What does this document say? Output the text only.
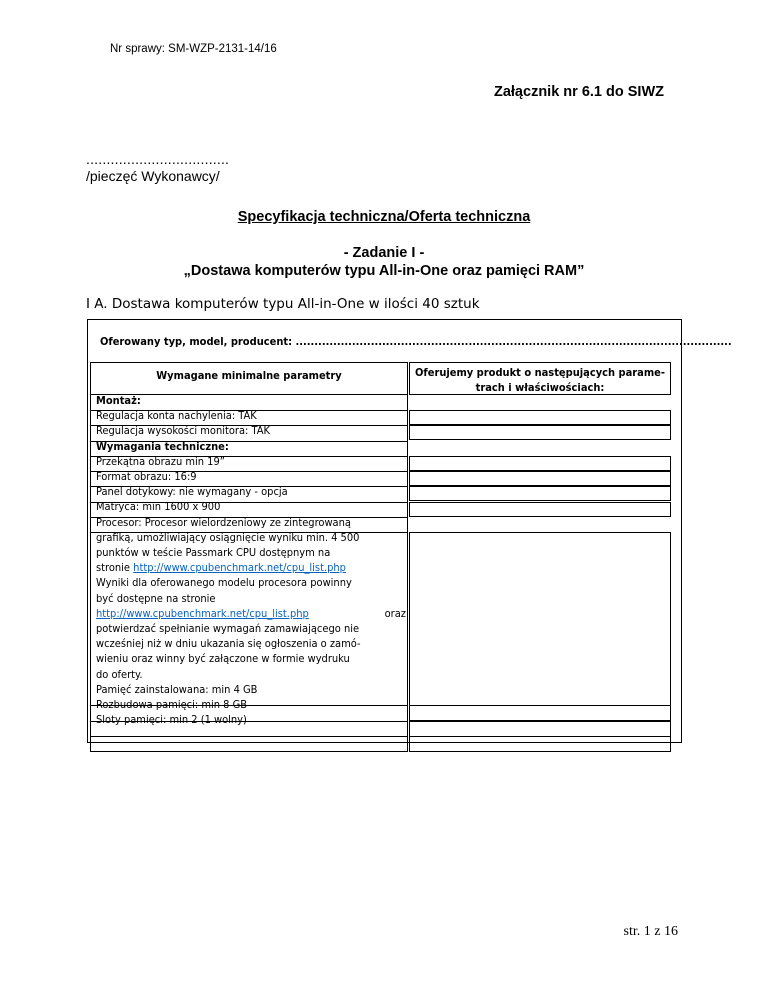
Nr sprawy: SM-WZP-2131-14/16
Załącznik nr 6.1 do SIWZ
...................................
/pieczęć Wykonawcy/
Specyfikacja techniczna/Oferta techniczna
- Zadanie I -
„Dostawa komputerów typu All-in-One oraz pamięci RAM”
I A. Dostawa komputerów typu All-in-One w ilości 40 sztuk
Oferowany typ, model, producent: ....................................................................................................................
Wymagane minimalne parametry	Oferujemy produkt o następujących parame-
trach i właściwościach:
Montaż:
Regulacja konta nachylenia: TAK
Regulacja wysokości monitora: TAK
Wymagania techniczne:
Przekątna obrazu min 19”
Format obrazu: 16:9
Panel dotykowy: nie wymagany - opcja
Matryca: min 1600 x 900
Procesor: Procesor wielordzeniowy ze zintegrowaną
grafiką, umożliwiający osiągnięcie wyniku min. 4 500
punktów w teście Passmark CPU dostępnym na
stronie http://www.cpubenchmark.net/cpu_list.php
Wyniki dla oferowanego modelu procesora powinny
być dostępne na stronie
http://www.cpubenchmark.net/cpu_list.php	oraz
potwierdzać spełnianie wymagań zamawiającego nie
wcześniej niż w dniu ukazania się ogłoszenia o zamó-
wieniu oraz winny być załączone w formie wydruku
do oferty.
Pamięć zainstalowana: min 4 GB
Rozbudowa pamięci: min 8 GB
Sloty pamięci: min 2 (1 wolny)
str. 1 z 16
